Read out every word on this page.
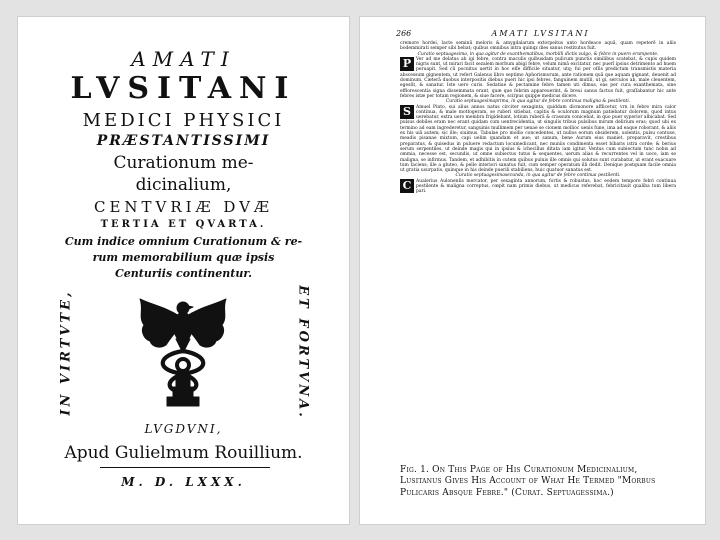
AMATI
LVSITANI
MEDICI PHYSICI
PRÆSTANTISSIMI
Curationum me-
dicinalium,
CENTVRIÆ DVÆ
TERTIA ET QVARTA.
Cum indice omnium Curationum & re-
rum memorabilium quæ ipsis
Centuriis continentur.
IN VIRTVTE,	ET FORTVNA.
LVGDVNI,
Apud Gulielmum Rouillium.
M. D. LXXX.
266	AMATI LVSITANI

cremore hordei, lacte seminū meloris & amygdalarum extorpeitus unto hordeace aquā, quam repeterē in aliis bodemmirati semper sibi bebat; quibus omnibus intra quinqz dies sanus restitutus fuit.

Curatio septuagesima, in qua agitur de exanthematibus, morbilli dictis vulgo, & febre in puero erumpente.

P	Ver ad me delatus ab igi febre, contra maculis quibusdam pulicum punctis similibus scatebat, & cupis quidem nigris sunt, ut mirari facit sezalem morbum abigi febre, velum nimā excitatur, nec puerī ipsius detrimento ad huem peruapit. Sed cū pocnitus uertit in hoc eſſe difficile situatur, utq; fui per oſſis predictum transmistis materia abscessum gignentem, ut refert Galenus libro septimo Aphorismorum, ante rationem quā que aquam gignant, deuenit ad dominum. Cæterā duobus interpositis diebus pueri hic ipsi febres, fanguinem mutili, ut gi, serculos ab, male cleuentem, egesſit, & sanatur. Iste uero curis. Sedatiue & pectamine febre tamen uti dimus, eas per cura exanthemata, sine efflorescentia signa dissemmata erant, quæ que febrim appareuerint, & breui sanus factus fuit, graſſabantur hic ante febres istæ per totam regionem, & siue facere, scirpus quippe medicus dicere.

Curatio septuagesimaprima, in qua agitur de febre continua maligna & pestilenti.

S	Amuel Pinto, sui alius annos natus circiter sexaginta, quiddam dicmonore afflicetur, vrn in febre mira calor continua, & male mottogeram, se ruberi sitiebat, capitis & oculorum magnum patiebatur dolorem, quod intus uerebatur, extra uero membra frigidebant, lotium ruberā & crassum conicebat, in quo puer syperior albicabat. Sed pulsus debiles eram nec erant quidam cum uentrecidentia, ut singulis tribus pulsibus mirum delirium eras; quod ubi ex termino ad eam ingrederetur, sanguinis mullimem per uenae se cionem mollioc uenis fune, ima ad eaque roborant, & aliis ex his uiā autem; sic ille; siuimus. Tabulae pro mollio concedentes, ut nullos eorum obsiderem, uolentis, pulsu contuse, meadis pisanae mixtum, capi uelim quandam et aue; ut sanum, bene Aurum eius maniet, preparavit, crestibus preparatus, & quisedus in puluere redactum locumedicant, nec muniis condimenta esset bibaris istra corde; & berius serum serpentiles, ut deinde magis qui in ipsius & ichecillus ditata iam igitur. Ventus cum subiectum tunc nobis ad ommia, necesse est, secundis, ut omne subiectus tutus & sequentes, uerum alias & recurrentes vel in uoce, iam se maligna, se infirmus. Tandem, et adhibitis in cutem quibus puluis ille omnis qui solutus sunt curabatur, ut erant euacuare tum faciens; ille a gluteo, & pelle interiori sanatus fuit, cum semper operatum illi dedit. Denique postquam facile omnia ut gratia usurpatis, quinque in his deinde puerili stabiliens, huic quatuor sanatus est.

Curatio septuagesimasecunda, in qua agitur de febre continua pestilenti.

C	Aualerius Aulonenſis mercator, per sexaginta annorum, fortis & robustus, hoc eodem tempore febri continua pestilente & maligna correptus, cœpit nam primis diebus, ut medicus referebat, febricitauit qualiba tum libera pari.

Fig. 1. On This Page of His Curationum Medicinalium, Lusitanus Gives His Account of What He Termed "Morbus Pulicaris Absque Febre." (Curat. Septuagessima.)
